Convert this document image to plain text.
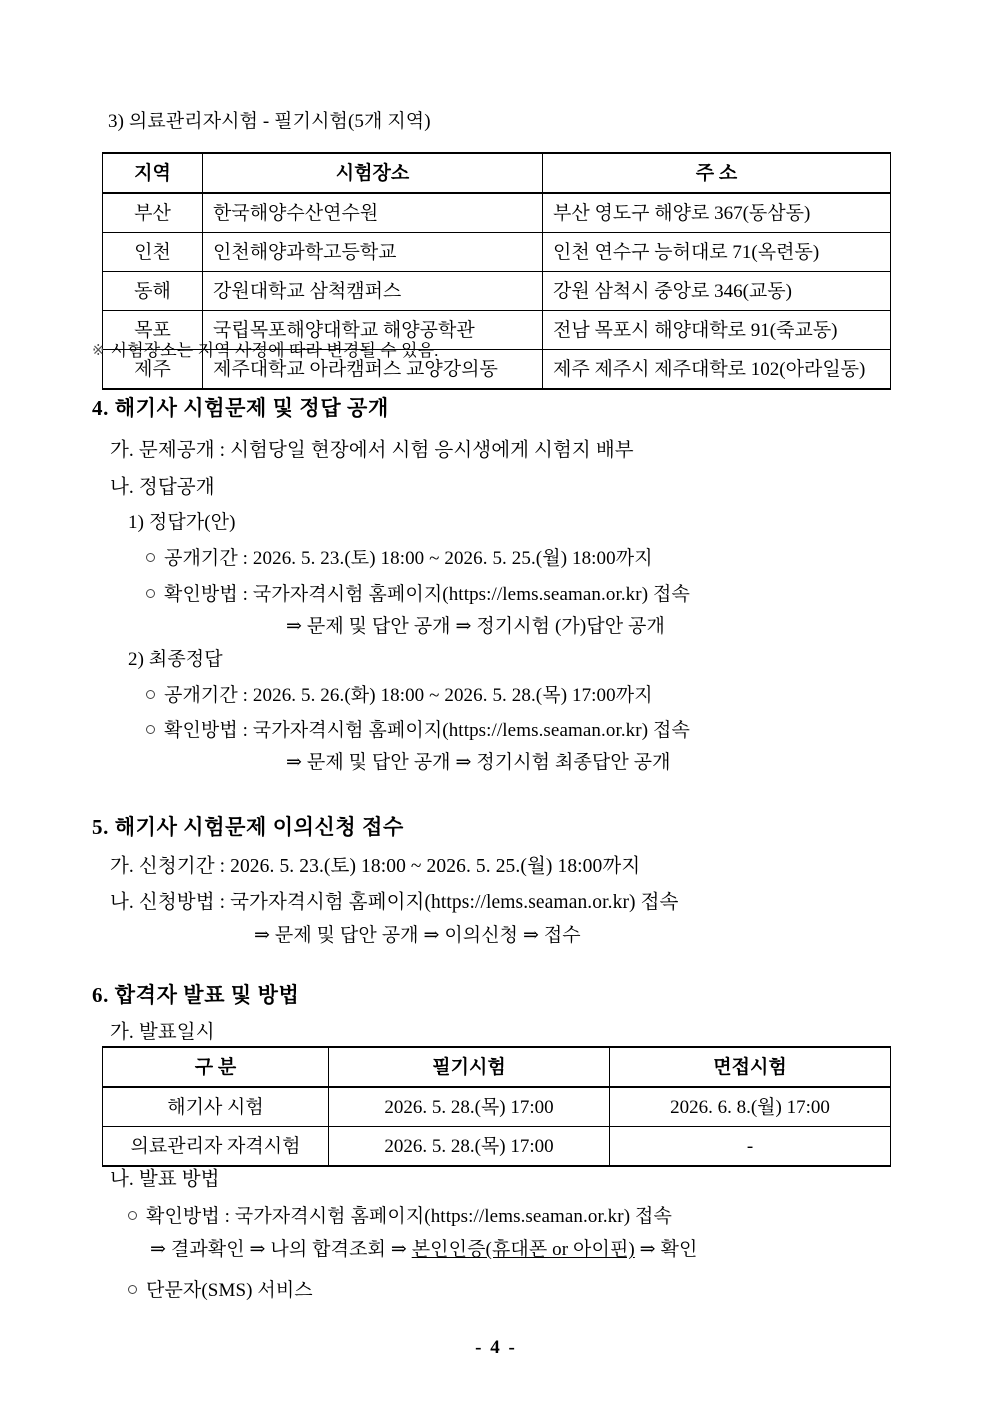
3) 의료관리자시험 - 필기시험(5개 지역)
지역	시험장소	주 소
부산	한국해양수산연수원	부산 영도구 해양로 367(동삼동)
인천	인천해양과학고등학교	인천 연수구 능허대로 71(옥련동)
동해	강원대학교 삼척캠퍼스	강원 삼척시 중앙로 346(교동)
목포	국립목포해양대학교 해양공학관	전남 목포시 해양대학로 91(죽교동)
제주	제주대학교 아라캠퍼스 교양강의동	제주 제주시 제주대학로 102(아라일동)
※ 시험장소는 지역 사정에 따라 변경될 수 있음.
4. 해기사 시험문제 및 정답 공개
가. 문제공개 : 시험당일 현장에서 시험 응시생에게 시험지 배부
나. 정답공개
1) 정답가(안)
공개기간 : 2026. 5. 23.(토) 18:00 ~ 2026. 5. 25.(월) 18:00까지
확인방법 : 국가자격시험 홈페이지(https://lems.seaman.or.kr) 접속
⇒ 문제 및 답안 공개 ⇒ 정기시험 (가)답안 공개
2) 최종정답
공개기간 : 2026. 5. 26.(화) 18:00 ~ 2026. 5. 28.(목) 17:00까지
확인방법 : 국가자격시험 홈페이지(https://lems.seaman.or.kr) 접속
⇒ 문제 및 답안 공개 ⇒ 정기시험 최종답안 공개
5. 해기사 시험문제 이의신청 접수
가. 신청기간 : 2026. 5. 23.(토) 18:00 ~ 2026. 5. 25.(월) 18:00까지
나. 신청방법 : 국가자격시험 홈페이지(https://lems.seaman.or.kr) 접속
⇒ 문제 및 답안 공개 ⇒ 이의신청 ⇒ 접수
6. 합격자 발표 및 방법
가. 발표일시
구 분	필기시험	면접시험
해기사 시험	2026. 5. 28.(목) 17:00	2026. 6. 8.(월) 17:00
의료관리자 자격시험	2026. 5. 28.(목) 17:00	-
나. 발표 방법
확인방법 : 국가자격시험 홈페이지(https://lems.seaman.or.kr) 접속
⇒ 결과확인 ⇒ 나의 합격조회 ⇒ 본인인증(휴대폰 or 아이핀) ⇒ 확인
단문자(SMS) 서비스
- 4 -
